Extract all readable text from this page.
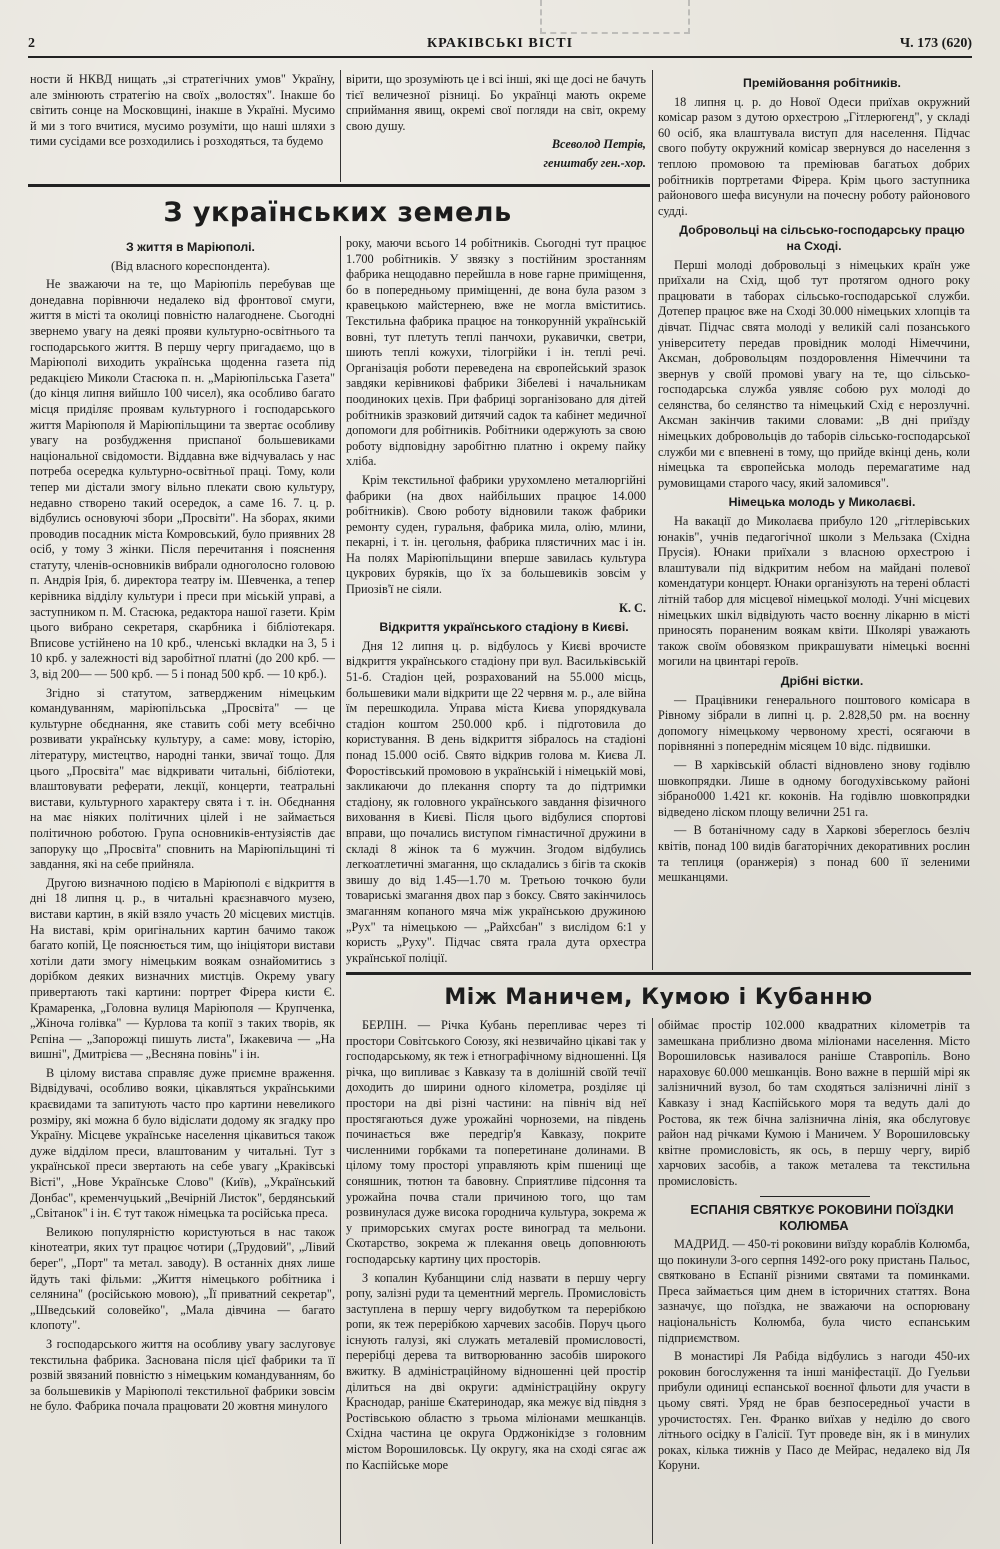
2	КРАКІВСЬКІ ВІСТІ	Ч. 173 (620)

ности й НКВД нищать „зі стратегічних умов" Україну, але змінюють стратегію на своїх „волостях". Інакше бо світить сонце на Московщині, інакше в Україні. Мусимо й ми з того вчитися, мусимо розуміти, що наші шляхи з тими сусідами все розходились і розходяться, та будемо

вірити, що зрозуміють це і всі інші, які ще досі не бачуть тієї величезної різниці. Бо українці мають окреме сприймання явищ, окремі свої погляди на світ, окрему свою душу.

Всеволод Петрів,

генштабу ген.-хор.

З українських земель

З життя в Маріюполі.

(Від власного кореспондента).

Не зважаючи на те, що Маріюпіль перебував ще донедавна порівнючи недалеко від фронтової смуги, життя в місті та околиці повністю налагоднене. Сьогодні звернемо увагу на деякі прояви культурно-освітнього та господарського життя. В першу чергу пригадаємо, що в Маріюполі виходить українська щоденна газета під редакцією Миколи Стасюка п. н. „Маріюпільська Газета" (до кінця липня вийшло 100 чисел), яка особливо багато місця приділяє проявам культурного і господарського життя Маріюполя й Маріюпільщини та звертає особливу увагу на розбудження приспаної большевиками національної свідомости. Віддавна вже відчувалась у нас потреба осередка культурно-освітньої праці. Тому, коли тепер ми дістали змогу вільно плекати свою культуру, недавно створено такий осередок, а саме 16. 7. ц. р. відбулись основуючі збори „Просвіти". На зборах, якими проводив посадник міста Комровський, було приявних 28 осіб, у тому 3 жінки. Після перечитання і пояснення статуту, членів-основників вибрали одноголосно головою п. Андрія Ірія, б. директора театру ім. Шевченка, а тепер керівника відділу культури і преси при міській управі, а заступником п. М. Стасюка, редактора нашої газети. Крім цього вибрано секретаря, скарбника і бібліотекаря. Вписове устійнено на 10 крб., членські вкладки на 3, 5 і 10 крб. у залежності від заробітної платні (до 200 крб. — 3, від 200— — 500 крб. — 5 і понад 500 крб. — 10 крб.).

Згідно зі статутом, затвердженим німецьким командуванням, маріюпільська „Просвіта" — це культурне обєднання, яке ставить собі мету всебічно розвивати українську культуру, а саме: мову, історію, літературу, мистецтво, народні танки, звичаї тощо. Для цього „Просвіта" має відкривати читальні, бібліотеки, влаштовувати реферати, лекції, концерти, театральні вистави, культурного характеру свята і т. ін. Обєднання на має ніяких політичних цілей і не займається політичною роботою. Група основників-ентузіястів дає запоруку що „Просвіта" сповнить на Маріюпільщині ті завдання, які на себе прийняла.

Другою визначною подією в Маріюполі є відкриття в дні 18 липня ц. р., в читальні краєзнавчого музею, вистави картин, в якій взяло участь 20 місцевих мистців. На виставі, крім оригінальних картин бачимо також багато копій, Це пояснюється тим, що ініціятори вистави хотіли дати змогу німецьким воякам ознайомитись з дорібком деяких визначних мистців. Окрему увагу привертають такі картини: портрет Фірера кисти Є. Крамаренка, „Головна вулиця Маріюполя — Крупченка, „Жіноча голівка" — Курлова та копії з таких творів, як Рєпіна — „Запорожці пишуть листа", Іжакевича — „На вишні", Дмитрієва — „Весняна повінь" і ін.

В цілому вистава справляє дуже приємне враження. Відвідувачі, особливо вояки, цікавляться українськими краєвидами та запитують часто про картини невеликого розміру, які можна б було відіслати додому як згадку про Україну. Місцеве українське населення цікавиться також дуже відділом преси, влаштованим у читальні. Тут з української преси звертають на себе увагу „Краківські Вісті", „Нове Українське Слово" (Київ), „Український Донбас", кременчуцький „Вечірній Листок", бердянський „Світанок" і ін. Є тут також німецька та російська преса.

Великою популярністю користуються в нас також кінотеатри, яких тут працює чотири („Трудовий", „Лівий берег", „Порт" та метал. заводу). В останніх днях лише йдуть такі фільми: „Життя німецького робітника і селянина" (російською мовою), „Її приватний секретар", „Шведський соловейко", „Мала дівчина — багато клопоту".

З господарського життя на особливу увагу заслуговує текстильна фабрика. Заснована після цієї фабрики та її розвій звязаний повністю з німецьким командуванням, бо за большевиків у Маріюполі текстильної фабрики зовсім не було. Фабрика почала працювати 20 жовтня минулого

року, маючи всього 14 робітників. Сьогодні тут працює 1.700 робітників. У звязку з постійним зростанням фабрика нещодавно перейшла в нове гарне приміщення, бо в попередньому приміщенні, де вона була разом з кравецькою майстернею, вже не могла вміститись. Текстильна фабрика працює на тонкорунній українській вовні, тут плетуть теплі панчохи, рукавички, светри, шиють теплі кожухи, тілогрійки і ін. теплі речі. Організація роботи переведена на європейський зразок завдяки керівникові фабрики Зібелеві і начальникам поодиноких цехів. При фабриці зорганізовано для дітей робітників зразковий дитячий садок та кабінет медичної допомоги для робітників. Робітники одержують за свою роботу відповідну заробітню платню і окрему пайку хліба.

Крім текстильної фабрики урухомлено металюргійні фабрики (на двох найбільших працює 14.000 робітників). Свою роботу відновили також фабрики ремонту суден, гуральня, фабрика мила, олію, млини, пекарні, і т. ін. цегольня, фабрика плястичних мас і ін. На полях Маріюпільщини вперше завилась культура цукрових буряків, що їх за большевиків зовсім у Приозів'ї не сіяли.

К. С.

Відкриття українського стадіону в Києві.

Дня 12 липня ц. р. відбулось у Києві врочисте відкриття українського стадіону при вул. Васильківській 51-б. Стадіон цей, розрахований на 55.000 місць, большевики мали відкрити ще 22 червня м. р., але війна їм перешкодила. Управа міста Києва упорядкувала стадіон коштом 250.000 крб. і підготовила до користування. В день відкриття зібралось на стадіоні понад 15.000 осіб. Свято відкрив голова м. Києва Л. Форостівський промовою в українській і німецькій мові, закликаючи до плекання спорту та до підтримки стадіону, як головного українського завдання фізичного виховання в Києві. Після цього відбулися спортові вправи, що почались виступом гімнастичної дружини в складі 8 жінок та 6 мужчин. Згодом відбулись легкоатлетичні змагання, що складались з бігів та скоків звишу до від 1.45—1.70 м. Третьою точкою були товариські змагання двох пар з боксу. Свято закінчилось змаганням копаного мяча між українською дружиною „Рух" та німецькою — „Райхсбан" з вислідом 6:1 у користь „Руху". Підчас свята грала дута орхестра української поліції.

Премійовання робітників.

18 липня ц. р. до Нової Одеси приїхав окружний комісар разом з дутою орхестрою „Гітлерюгенд", у складі 60 осіб, яка влаштувала виступ для населення. Підчас свого побуту окружний комісар звернувся до населення з теплою промовою та преміював багатьох добрих робітників портретами Фірера. Крім цього заступника районового шефа висунули на почесну роботу районового судді.

Добровольці на сільсько-господарську працю на Сході.

Перші молоді добровольці з німецьких країн уже приїхали на Схід, щоб тут протягом одного року працювати в таборах сільсько-господарської служби. Дотепер працює вже на Сході 30.000 німецьких хлопців та дівчат. Підчас свята молоді у великій салі позанського університету передав провідник молоді Німеччини, Аксман, добровольцям поздоровлення Німеччини та звернув у своїй промові увагу на те, що сільсько-господарська служба уявляє собою рух молоді до селянства, бо селянство та німецький Схід є нерозлучні. Аксман закінчив такими словами: „В дні приїзду німецьких добровольців до таборів сільсько-господарської служби ми є впевнені в тому, що прийде вкінці день, коли німецька та європейська молодь перемагатиме над румовищами старого часу, який заломився".

Німецька молодь у Миколаєві.

На вакації до Миколаєва прибуло 120 „гітлерівських юнаків", учнів педагогічної школи з Мельзака (Східна Прусія). Юнаки приїхали з власною орхестрою і влаштували під відкритим небом на майдані полевої комендатури концерт. Юнаки організують на терені області літній табор для місцевої німецької молоді. Учні місцевих німецьких шкіл відвідують часто воєнну лікарню в місті приносять пораненим воякам квіти. Школярі уважають також своїм обовязком прикрашувати німецькі воєнні могили на цвинтарі героїв.

Дрібні вістки.

— Працівники генерального поштового комісара в Рівному зібрали в липні ц. р. 2.828,50 рм. на воєнну допомогу німецькому червоному хресті, осягаючи в порівнянні з попереднім місяцем 10 відс. підвишки.

— В харківській області відновлено знову годівлю шовкопрядки. Лише в одному богодухівському районі зібрано000 1.421 кг. коконів. На годівлю шовкопрядки відведено ліском площу велични 251 га.

— В ботанічному саду в Харкові збереглось безліч квітів, понад 100 видів багаторічних декоративних рослин та теплиця (оранжерія) з понад 600 її зеленими мешканцями.

Між Маничем, Кумою і Кубанню

БЕРЛІН. — Річка Кубань перепливає через ті простори Совітського Союзу, які незвичайно цікаві так у господарському, як теж і етнографічному відношенні. Ця річка, що випливає з Кавказу та в долішній своїй течії доходить до ширини одного кілометра, розділяє ці простори на дві різні частини: на північ від неї простягаються дуже урожайні чорноземи, на південь починається вже передгір'я Кавказу, покрите численними горбками та поперетинане долинами. В цілому тому просторі управляють крім пшениці ще соняшник, тютюн та бавовну. Сприятливе підсоння та урожайна почва стали причиною того, що там розвинулася дуже висока городнича культура, зокрема ж у приморських смугах росте виноград та мельони. Скотарство, зокрема ж плекання овець доповнюють господарську картину цих просторів.

З копалин Кубанщини слід назвати в першу чергу ропу, залізні руди та цементний мергель. Промисловість заступлена в першу чергу видобутком та перерібкою ропи, як теж перерібкою харчевих засобів. Поруч цього існують галузі, які служать металевій промисловості, перерібці дерева та витворюванню засобів широкого вжитку. В адміністраційному відношенні цей простір ділиться на дві округи: адміністраційну округу Краснодар, раніше Єкатеринодар, яка межує від півдня з Ростівською областю з трьома міліонами мешканців. Східна частина це округа Орджонікідзе з головним містом Ворошиловськ. Цу округу, яка на сході сягає аж по Каспійське море

обіймає простір 102.000 квадратних кілометрів та замешкана приблизно двома міліонами населення. Місто Ворошиловськ називалося раніше Ставропіль. Воно нараховує 60.000 мешканців. Воно важне в першій мірі як залізничний вузол, бо там сходяться залізничні лінії з Кавказу і знад Каспійського моря та ведуть далі до Ростова, як теж бічна залізнична лінія, яка обслуговує район над річками Кумою і Маничем. У Ворошиловську квітне промисловість, як ось, в першу чергу, виріб харчових засобів, а також металева та текстильна промисловість.

ЕСПАНІЯ СВЯТКУЄ РОКОВИНИ ПОЇЗДКИ КОЛЮМБА

МАДРИД. — 450-ті роковини виїзду кораблів Колюмба, що покинули 3-ого серпня 1492-ого року пристань Пальос, святковано в Еспанії різними святами та поминками. Преса займається цим днем в історичних статтях. Вона зазначує, що поїздка, не зважаючи на оспорювану національність Колюмба, була чисто еспанським підприємством.

В монастирі Ля Рабіда відбулись з нагоди 450-их роковин богослуження та інші маніфестації. До Гуельви прибули одиниці еспанської воєнної фльоти для участи в цьому святі. Уряд не брав безпосередньої участи в урочистостях. Ген. Франко виїхав у неділю до свого літнього осідку в Галісії. Тут проведе він, як і в минулих роках, кілька тижнів у Пасо де Мейрас, недалеко від Ля Коруни.
